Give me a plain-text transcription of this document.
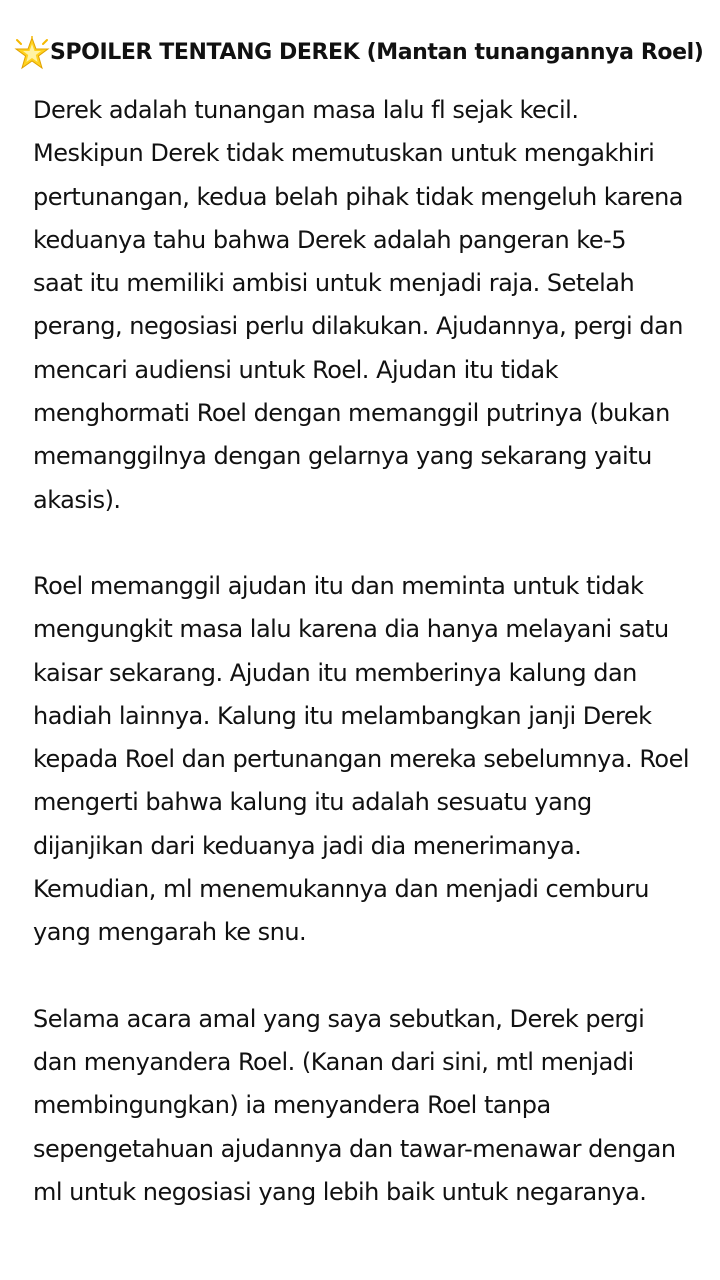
SPOILER TENTANG DEREK (Mantan tunangannya Roel)
Derek adalah tunangan masa lalu fl sejak kecil.
Meskipun Derek tidak memutuskan untuk mengakhiri
pertunangan, kedua belah pihak tidak mengeluh karena
keduanya tahu bahwa Derek adalah pangeran ke-5
saat itu memiliki ambisi untuk menjadi raja. Setelah
perang, negosiasi perlu dilakukan. Ajudannya, pergi dan
mencari audiensi untuk Roel. Ajudan itu tidak
menghormati Roel dengan memanggil putrinya (bukan
memanggilnya dengan gelarnya yang sekarang yaitu
akasis).
Roel memanggil ajudan itu dan meminta untuk tidak
mengungkit masa lalu karena dia hanya melayani satu
kaisar sekarang. Ajudan itu memberinya kalung dan
hadiah lainnya. Kalung itu melambangkan janji Derek
kepada Roel dan pertunangan mereka sebelumnya. Roel
mengerti bahwa kalung itu adalah sesuatu yang
dijanjikan dari keduanya jadi dia menerimanya.
Kemudian, ml menemukannya dan menjadi cemburu
yang mengarah ke snu.
Selama acara amal yang saya sebutkan, Derek pergi
dan menyandera Roel. (Kanan dari sini, mtl menjadi
membingungkan) ia menyandera Roel tanpa
sepengetahuan ajudannya dan tawar-menawar dengan
ml untuk negosiasi yang lebih baik untuk negaranya.
